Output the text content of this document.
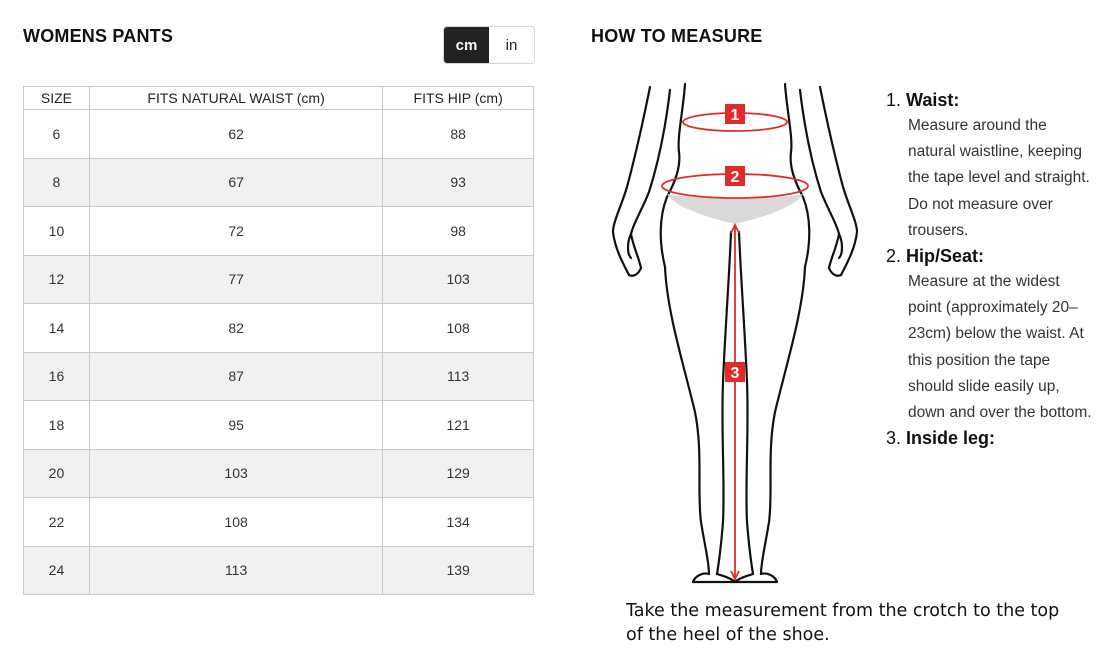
WOMENS PANTS	cm	in
SIZE	FITS NATURAL WAIST (cm)	FITS HIP (cm)
6	62	88
8	67	93
10	72	98
12	77	103
14	82	108
16	87	113
18	95	121
20	103	129
22	108	134
24	113	139
HOW TO MEASURE
1
2
3
1. Waist:
Measure around the natural waistline, keeping the tape level and straight. Do not measure over trousers.
2. Hip/Seat:
Measure at the widest point (approximately 20–23cm) below the waist. At this position the tape should slide easily up, down and over the bottom.
3. Inside leg:
Take the measurement from the crotch to the top of the heel of the shoe.
